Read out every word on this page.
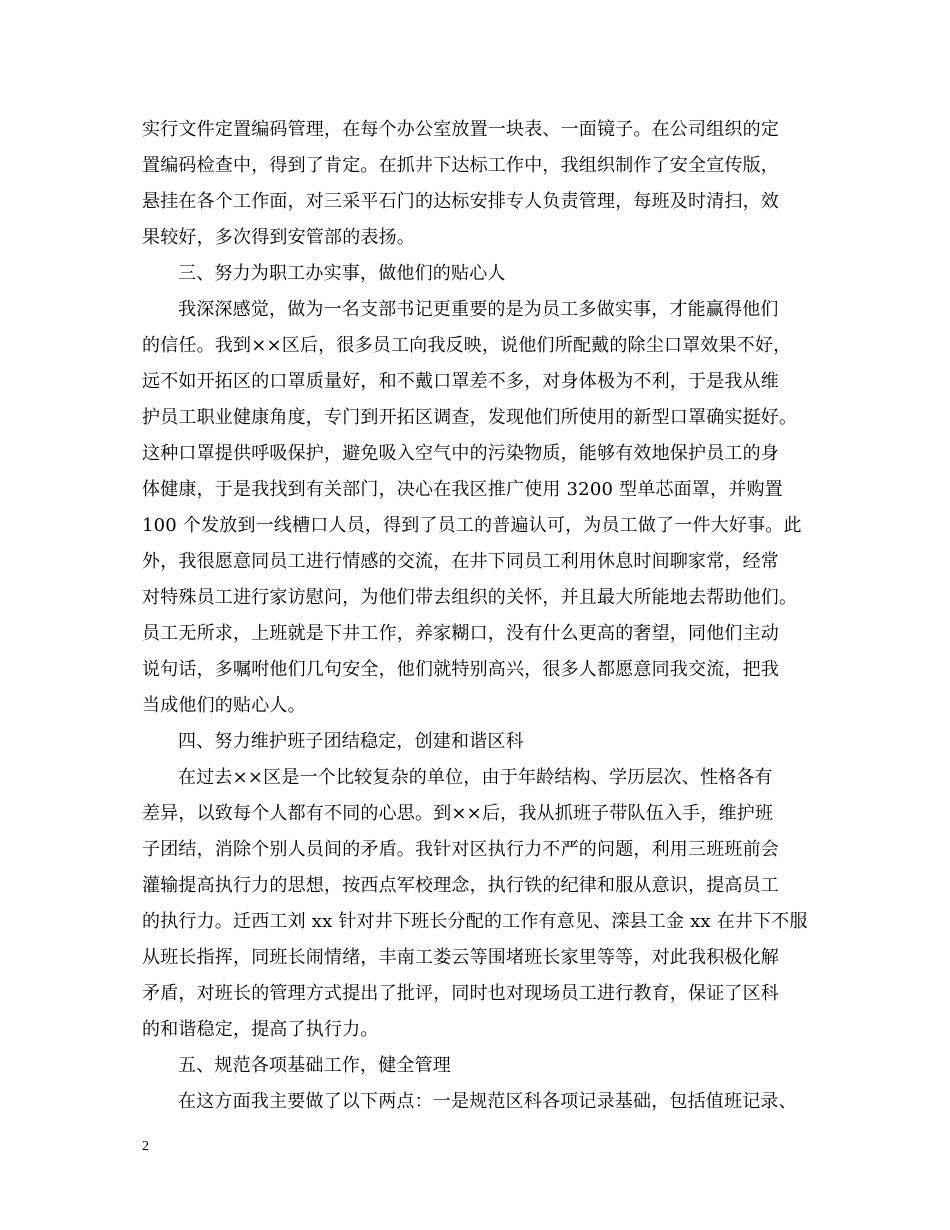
实行文件定置编码管理，在每个办公室放置一块表、一面镜子。在公司组织的定
置编码检查中，得到了肯定。在抓井下达标工作中，我组织制作了安全宣传版，
悬挂在各个工作面，对三采平石门的达标安排专人负责管理，每班及时清扫，效
果较好，多次得到安管部的表扬。
三、努力为职工办实事，做他们的贴心人
我深深感觉，做为一名支部书记更重要的是为员工多做实事，才能赢得他们
的信任。我到××区后，很多员工向我反映，说他们所配戴的除尘口罩效果不好，
远不如开拓区的口罩质量好，和不戴口罩差不多，对身体极为不利，于是我从维
护员工职业健康角度，专门到开拓区调查，发现他们所使用的新型口罩确实挺好。
这种口罩提供呼吸保护，避免吸入空气中的污染物质，能够有效地保护员工的身
体健康，于是我找到有关部门，决心在我区推广使用 3200 型单芯面罩，并购置
100 个发放到一线槽口人员，得到了员工的普遍认可，为员工做了一件大好事。此
外，我很愿意同员工进行情感的交流，在井下同员工利用休息时间聊家常，经常
对特殊员工进行家访慰问，为他们带去组织的关怀，并且最大所能地去帮助他们。
员工无所求，上班就是下井工作，养家糊口，没有什么更高的奢望，同他们主动
说句话，多嘱咐他们几句安全，他们就特别高兴，很多人都愿意同我交流，把我
当成他们的贴心人。
四、努力维护班子团结稳定，创建和谐区科
在过去××区是一个比较复杂的单位，由于年龄结构、学历层次、性格各有
差异，以致每个人都有不同的心思。到××后，我从抓班子带队伍入手，维护班
子团结，消除个别人员间的矛盾。我针对区执行力不严的问题，利用三班班前会
灌输提高执行力的思想，按西点军校理念，执行铁的纪律和服从意识，提高员工
的执行力。迁西工刘 xx 针对井下班长分配的工作有意见、滦县工金 xx 在井下不服
从班长指挥，同班长闹情绪，丰南工娄云等围堵班长家里等等，对此我积极化解
矛盾，对班长的管理方式提出了批评，同时也对现场员工进行教育，保证了区科
的和谐稳定，提高了执行力。
五、规范各项基础工作，健全管理
在这方面我主要做了以下两点：一是规范区科各项记录基础，包括值班记录、
2
